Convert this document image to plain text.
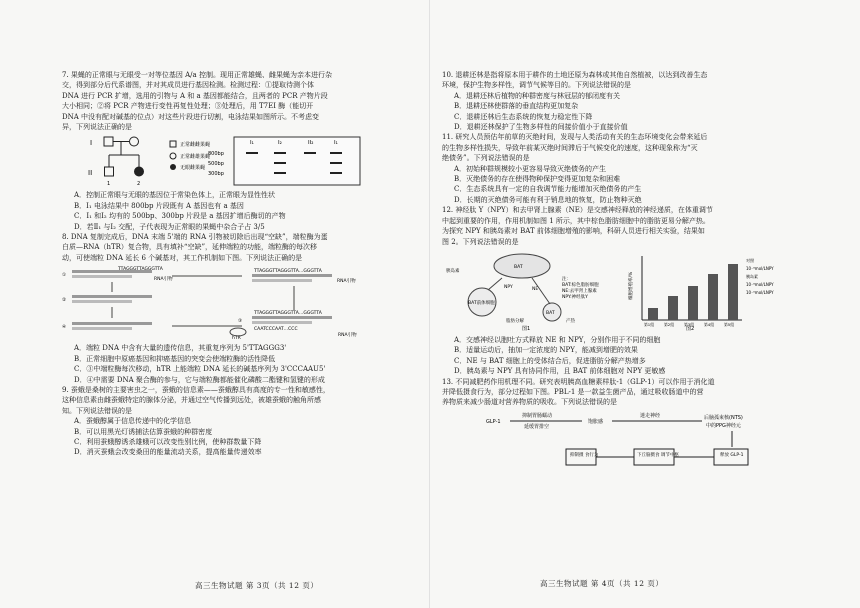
7. 果蝇的正常眼与无眼受一对等位基因 A/a 控制。现用正常雄蝇、雌果蝇为亲本进行杂

交，得到部分后代系谱图，并对其成员进行基因检测。检测过程：①提取待测个体

DNA 进行 PCR 扩增，选用的引物与 A 和 a 基因都能结合，且两者的 PCR 产物片段

大小相同；②将 PCR 产物进行变性再复性处理；③处理后，用 T7EI 酶（能切开

DNA 中没有配对碱基的位点）对这些片段进行切割，电泳结果如图所示。不考虑变

异，下列说法正确的是

I
II
1	2
正常雌雌果蝇
正常雌雄果蝇
无眼雌果蝇
I₁	I₂	II₂	I₁
800bp
500bp
300bp

A．控制正常眼与无眼的基因位于常染色体上，正常眼为显性性状

B．Ⅰ₁ 电泳结果中 800bp 片段既有 A 基因也有 a 基因

C．Ⅰ₁ 和Ⅰ₂ 均有的 500bp、300bp 片段是 a 基因扩增后酶切的产物

D．若Ⅱ₁ 与Ⅰ₂ 交配，子代表现为正常眼的果蝇中杂合子占 3/5

8. DNA 复制完成后，DNA 末端 5'端的 RNA 引物被切除后出现“空缺”，端粒酶为蛋

白质—RNA（hTR）复合物，具有填补“空缺”，延伸端粒的功能，端粒酶的每次移

动，可使端粒 DNA 延长 6 个碱基对，其工作机制如下图。下列说法正确的是

①
TTAGGGTTAGGGTTA
RNA引物
②
④
TTAGGGTTAGGGTTA…GGGTTA
RNA引物
③
TTAGGGTTAGGGTTA…GGGTTA
CAATCCCAAT…CCC
RNA引物
hTR

A．端粒 DNA 中含有大量的遗传信息，其重复序列为 5'TTAGGG3'

B．正常细胞中原癌基因和抑癌基因的突变会使端粒酶的活性降低

C．③中端粒酶每次移动，hTR 上能端粒 DNA 延长的碱基序列为 3'CCCAAU5'

D．④中需要 DNA 聚合酶的参与，它与端粒酶都能催化磷酸二酯键和氢键的形成

9. 蚕蛾是桑树的主要害虫之一，蚕蛾的信息素——蚕蛾醇具有高度的专一性和敏感性，

这种信息素由雌蚕蛾特定的腺体分泌，并通过空气传播到远处，被雄蚕蛾的触角所感

知。下列说法错误的是

A．蚕蛾醇属于信息传递中的化学信息

B．可以用黑光灯诱捕法估算蚕蛾的种群密度

C．利用蚕蛾醇诱杀雄蛾可以改变性别比例，使种群数量下降

D．消灭蚕蛾会改变桑田的能量流动关系，提高能量传递效率

高三生物试题 第 3页（共 12 页）

10. 退耕还林是指将原本用于耕作的土地还原为森林或其他自然植被，以达到改善生态

环境，保护生物多样性，调节气候等目的。下列说法错误的是

A．退耕还林后植物的种群密度与林冠层的郁闭度有关

B．退耕还林使群落的垂直结构更加复杂

C．退耕还林后生态系统的恢复力稳定性下降

D．退耕还林保护了生物多样性的间接价值小于直接价值

11. 研究人员预估年前草的灭绝时间，发现与人类活动有关的生态环境变化会带来延后

的生物多样性损失，导致年前某灭绝时间滞后于气候变化的速度，这种现象称为“灭

绝债务”。下列说法错误的是

A．初始种群规模较小更容易导致灭绝债务的产生

B．灭绝债务的存在使得物种保护变得更加复杂和困难

C．生态系统具有一定的自我调节能力能增加灭绝债务的产生

D．长期的灭绝债务可能有利于销息地的恢复，防止物种灭绝

12. 神经肽 Y（NPY）和去甲肾上腺素（NE）是交感神经释放的神经递质，在体重调节

中起到重要的作用，作用机制如图 1 所示，其中棕色脂肪细胞中的脂肪更易分解产热。

为探究 NPY 和胰岛素对 BAT 前体细胞增殖的影响，科研人员进行相关实验，结果如

图 2。下列说法错误的是

BAT
BAT前体细胞
BAT
胰岛素
NPY	NE
脂肪分解	产热
注：
BAT:棕色脂肪细胞
NE:去甲肾上腺素
NPY:神经肽Y
图1
细胞增殖率/%
图2
对照
10⁻⁸mol/LNPY
胰岛素
10⁻⁸mol/LNPY
10⁻⁶mol/LNPY
第1组	第2组	第3组	第4组	第5组

A．交感神经以胞吐方式释放 NE 和 NPY，分别作用于不同的细胞

B．适量运动后，抽加一定浓度的 NPY，能减到增肥的效果

C．NE 与 BAT 细胞上的受体结合后，促进脂肪分解产热增多

D．胰岛素与 NPY 具有协同作用，且 BAT 前体细胞对 NPY 更敏感

13. 不同减肥药作用机理不同。研究表明胰高血糖素样肽-1（GLP-1）可以作用于消化道

并降低摄食行为，部分过程如下图。PBL-1 是一款益生菌产品，通过吸收肠道中的营

养物质来减少肠道对营养物质的吸收。下列说法错误的是

GLP-1
抑制胃肠蠕动
延缓胃排空
饱胀感
迷走神经	后脑孤束核(NTS)
中的PPG神经元
抑制摄 食行为	下丘脑摄食 调节中枢	释放 GLP-1
高三生物试题 第 4页（共 12 页）
